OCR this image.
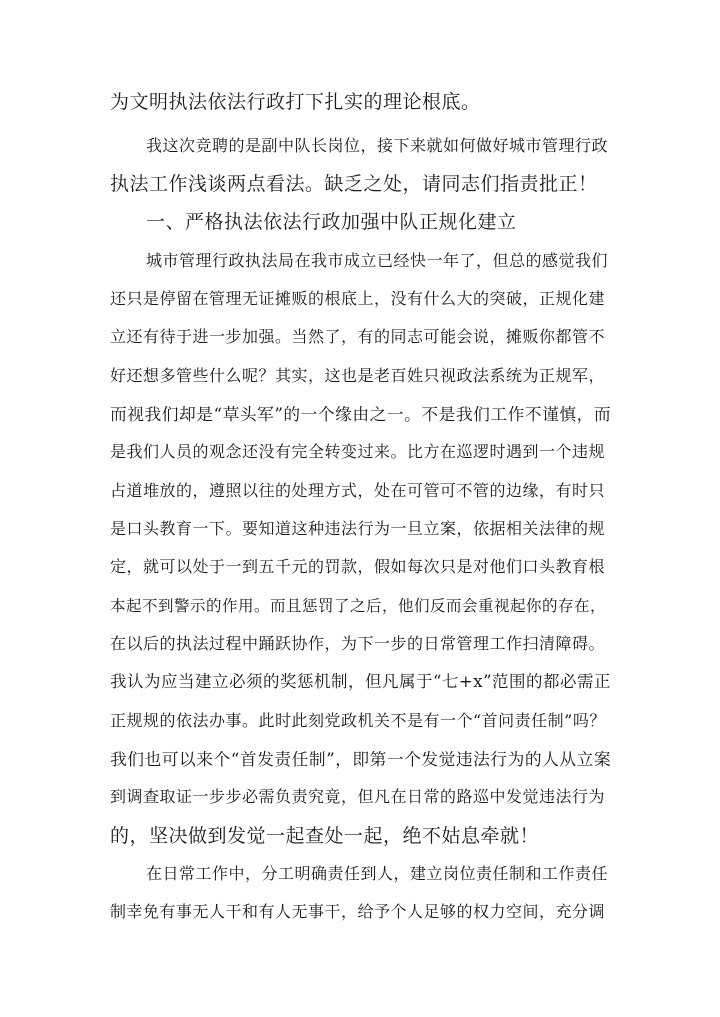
为文明执法依法行政打下扎实的理论根底。
我这次竞聘的是副中队长岗位，接下来就如何做好城市管理行政
执法工作浅谈两点看法。缺乏之处，请同志们指责批正！
一、严格执法依法行政加强中队正规化建立
城市管理行政执法局在我市成立已经快一年了，但总的感觉我们
还只是停留在管理无证摊贩的根底上，没有什么大的突破，正规化建
立还有待于进一步加强。当然了，有的同志可能会说，摊贩你都管不
好还想多管些什么呢？其实，这也是老百姓只视政法系统为正规军，
而视我们却是“草头军”的一个缘由之一。不是我们工作不谨慎，而
是我们人员的观念还没有完全转变过来。比方在巡逻时遇到一个违规
占道堆放的，遵照以往的处理方式，处在可管可不管的边缘，有时只
是口头教育一下。要知道这种违法行为一旦立案，依据相关法律的规
定，就可以处于一到五千元的罚款，假如每次只是对他们口头教育根
本起不到警示的作用。而且惩罚了之后，他们反而会重视起你的存在，
在以后的执法过程中踊跃协作，为下一步的日常管理工作扫清障碍。
我认为应当建立必须的奖惩机制，但凡属于“七+x”范围的都必需正
正规规的依法办事。此时此刻党政机关不是有一个“首问责任制”吗？
我们也可以来个“首发责任制”，即第一个发觉违法行为的人从立案
到调查取证一步步必需负责究竟，但凡在日常的路巡中发觉违法行为
的，坚决做到发觉一起查处一起，绝不姑息牵就！
在日常工作中，分工明确责任到人，建立岗位责任制和工作责任
制幸免有事无人干和有人无事干，给予个人足够的权力空间，充分调
